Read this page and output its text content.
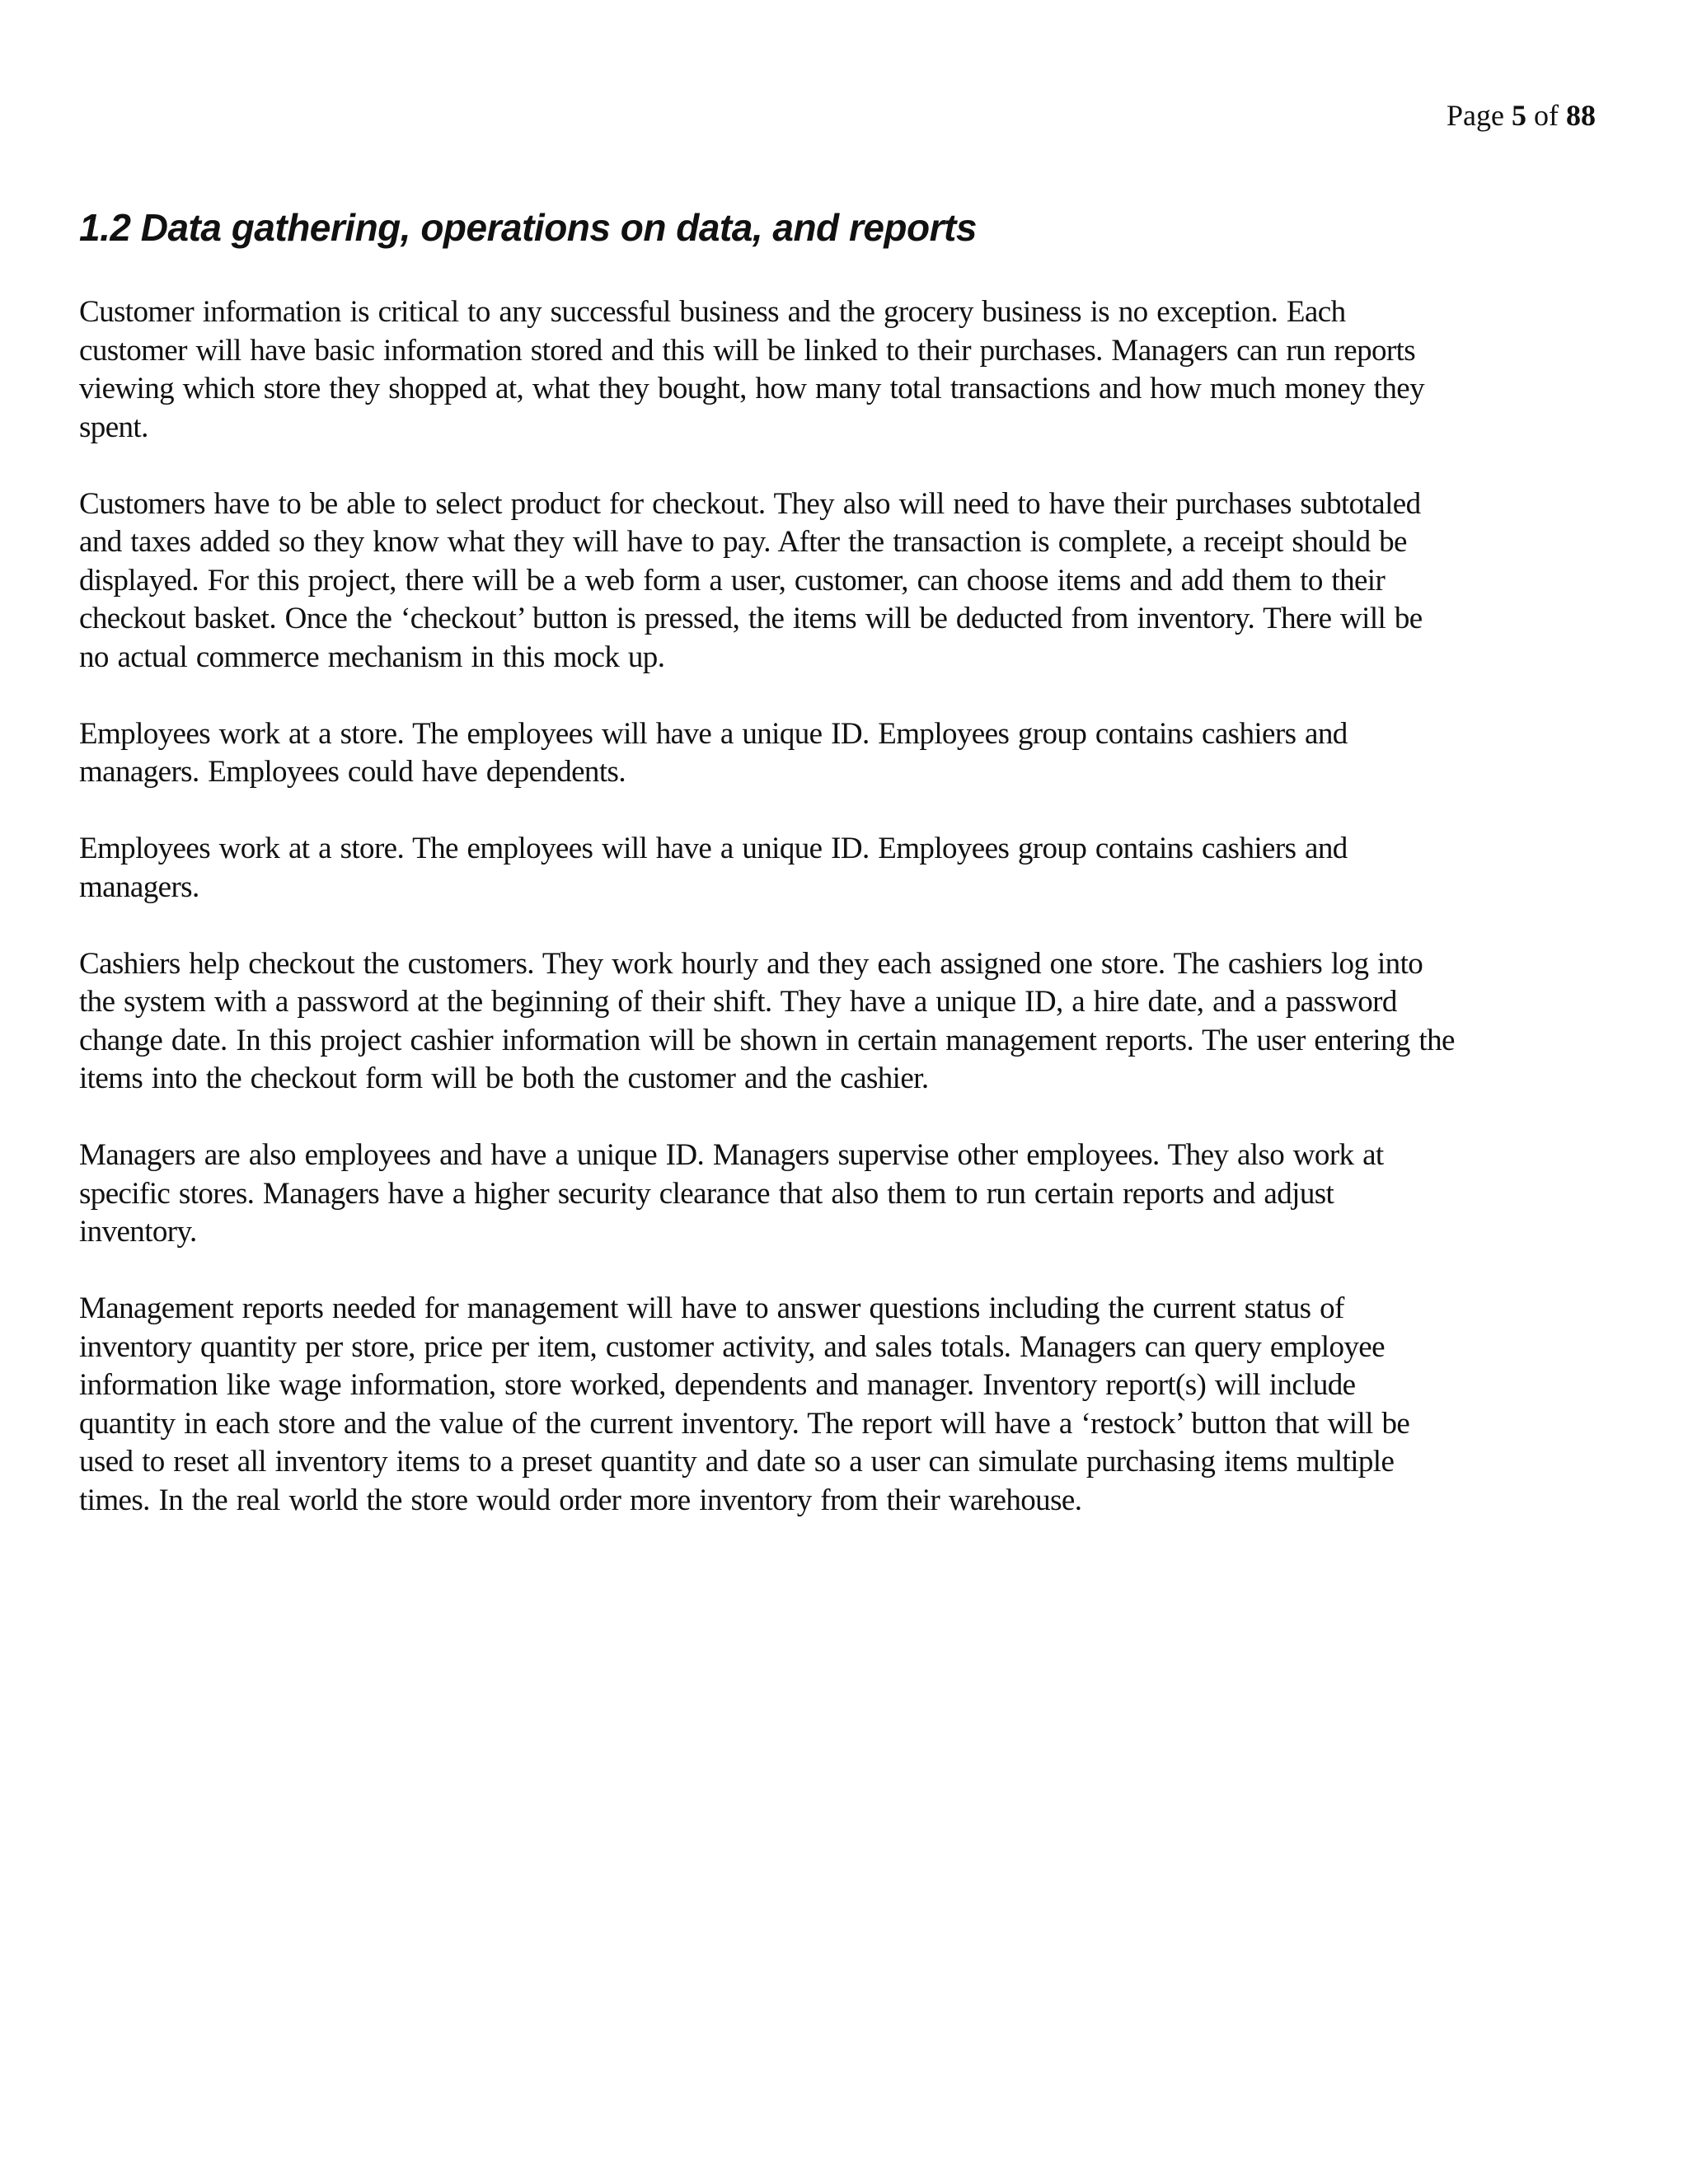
Page 5 of 88
1.2 Data gathering, operations on data, and reports

Customer information is critical to any successful business and the grocery business is no exception. Each
customer will have basic information stored and this will be linked to their purchases. Managers can run reports
viewing which store they shopped at, what they bought, how many total transactions and how much money they
spent.

Customers have to be able to select product for checkout. They also will need to have their purchases subtotaled
and taxes added so they know what they will have to pay. After the transaction is complete, a receipt should be
displayed. For this project, there will be a web form a user, customer, can choose items and add them to their
checkout basket. Once the ‘checkout’ button is pressed, the items will be deducted from inventory. There will be
no actual commerce mechanism in this mock up.

Employees work at a store. The employees will have a unique ID. Employees group contains cashiers and
managers. Employees could have dependents.

Employees work at a store. The employees will have a unique ID. Employees group contains cashiers and
managers.

Cashiers help checkout the customers. They work hourly and they each assigned one store. The cashiers log into
the system with a password at the beginning of their shift. They have a unique ID, a hire date, and a password
change date. In this project cashier information will be shown in certain management reports. The user entering the
items into the checkout form will be both the customer and the cashier.

Managers are also employees and have a unique ID. Managers supervise other employees. They also work at
specific stores. Managers have a higher security clearance that also them to run certain reports and adjust
inventory.

Management reports needed for management will have to answer questions including the current status of
inventory quantity per store, price per item, customer activity, and sales totals. Managers can query employee
information like wage information, store worked, dependents and manager. Inventory report(s) will include
quantity in each store and the value of the current inventory. The report will have a ‘restock’ button that will be
used to reset all inventory items to a preset quantity and date so a user can simulate purchasing items multiple
times. In the real world the store would order more inventory from their warehouse.
